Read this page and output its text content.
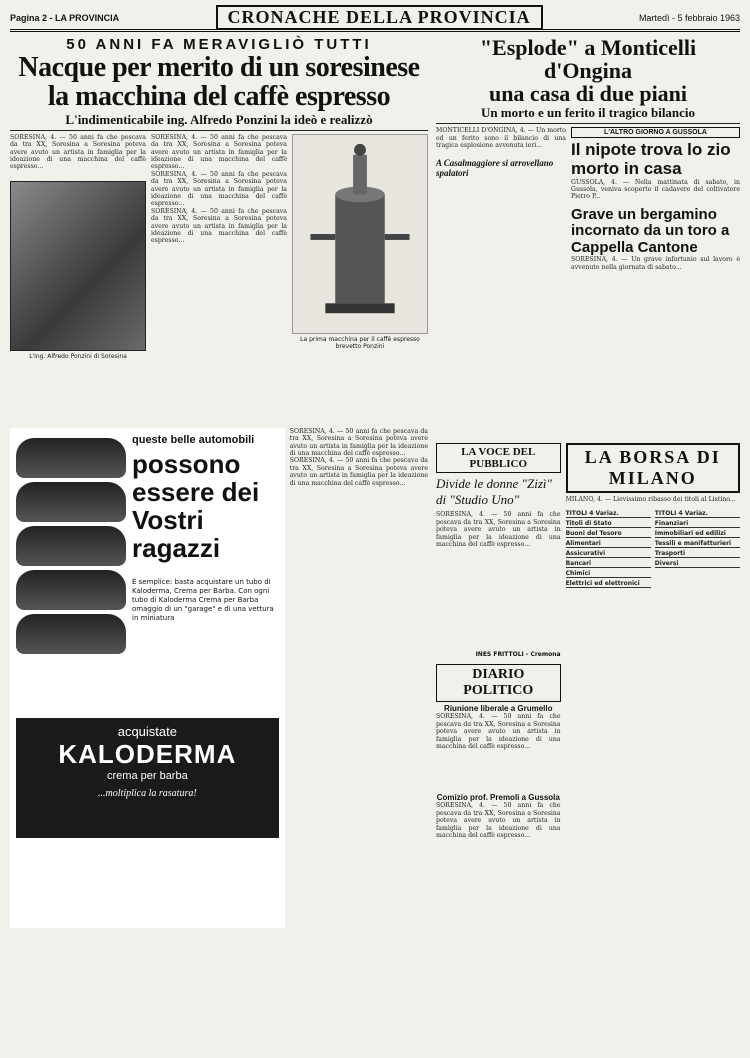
Pagina 2 - LA PROVINCIA	CRONACHE DELLA PROVINCIA	Martedì - 5 febbraio 1963
50 ANNI FA MERAVIGLIÒ TUTTI
Nacque per merito di un soresinese
la macchina del caffè espresso
L'indimenticabile ing. Alfredo Ponzini la ideò e realizzò
SORESINA, 4. — 50 anni fa che pescava da tra XX, Soresina a Soresina poteva avere avuto un artista in famiglia per la ideazione di una macchina del caffè espresso...
L'ing. Alfredo Ponzini di Soresina
SORESINA, 4. — 50 anni fa che pescava da tra XX, Soresina a Soresina poteva avere avuto un artista in famiglia per la ideazione di una macchina del caffè espresso...
SORESINA, 4. — 50 anni fa che pescava da tra XX, Soresina a Soresina poteva avere avuto un artista in famiglia per la ideazione di una macchina del caffè espresso...
SORESINA, 4. — 50 anni fa che pescava da tra XX, Soresina a Soresina poteva avere avuto un artista in famiglia per la ideazione di una macchina del caffè espresso...
La prima macchina per il caffè espresso brevetto Ponzini
queste belle automobili
possono essere dei Vostri ragazzi
È semplice: basta acquistare un tubo di Kaloderma, Crema per Barba. Con ogni tubo di Kaloderma Crema per Barba omaggio di un "garage" e di una vettura in miniatura
acquistate
KALODERMA
crema per barba
...moltiplica la rasatura!
SORESINA, 4. — 50 anni fa che pescava da tra XX, Soresina a Soresina poteva avere avuto un artista in famiglia per la ideazione di una macchina del caffè espresso...
SORESINA, 4. — 50 anni fa che pescava da tra XX, Soresina a Soresina poteva avere avuto un artista in famiglia per la ideazione di una macchina del caffè espresso...
"Esplode" a Monticelli d'Ongina
una casa di due piani
Un morto e un ferito il tragico bilancio
MONTICELLI D'ONGINA, 4. — Un morto ed un ferito sono il bilancio di una tragica esplosione avvenuta ieri...
A Casalmaggiore si arrovellano spalatori
L'ALTRO GIORNO A GUSSOLA
Il nipote trova lo zio morto in casa
GUSSOLA, 4. — Nella mattinata di sabato, in Gussola, veniva scoperto il cadavere del coltivatore Pietro P...
Grave un bergamino incornato da un toro a Cappella Cantone
SORESINA, 4. — Un grave infortunio sul lavoro è avvenuto nella giornata di sabato...
LA VOCE DEL PUBBLICO
Divide le donne "Zizì" di "Studio Uno"
SORESINA, 4. — 50 anni fa che pescava da tra XX, Soresina a Soresina poteva avere avuto un artista in famiglia per la ideazione di una macchina del caffè espresso...
INES FRITTOLI - Cremona
DIARIO POLITICO
Riunione liberale a Grumello
SORESINA, 4. — 50 anni fa che pescava da tra XX, Soresina a Soresina poteva avere avuto un artista in famiglia per la ideazione di una macchina del caffè espresso...
Comizio prof. Premoli a Gussola
SORESINA, 4. — 50 anni fa che pescava da tra XX, Soresina a Soresina poteva avere avuto un artista in famiglia per la ideazione di una macchina del caffè espresso...
LA BORSA DI MILANO
MILANO, 4. — Lievissimo ribasso dei titoli al Listino...
TITOLI 4 Variaz.
Titoli di Stato
Buoni del Tesoro
Alimentari
Assicurativi
Bancari
Chimici
Elettrici ed elettronici
TITOLI 4 Variaz.
Finanziari
Immobiliari ed edilizi
Tessili e manifatturieri
Trasporti
Diversi
